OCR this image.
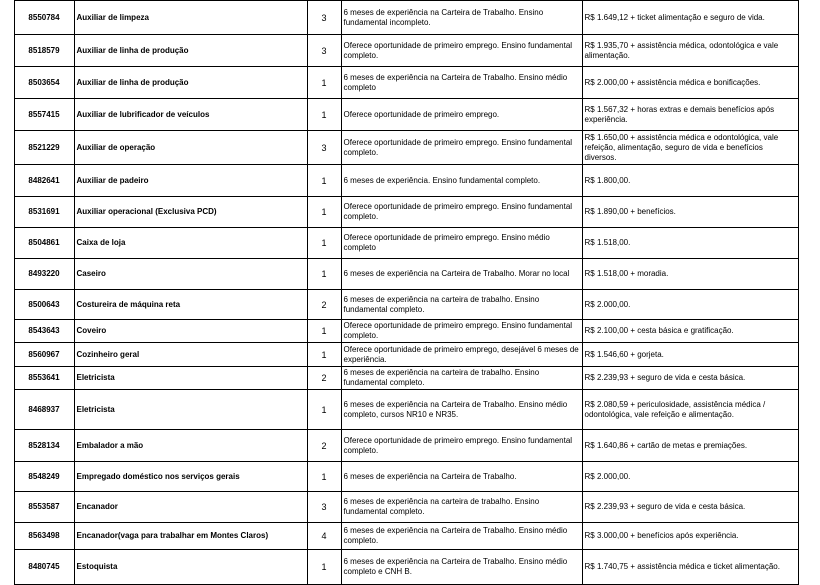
	8550784	Auxiliar de limpeza	3	6 meses de experiência na Carteira de Trabalho. Ensino fundamental incompleto.	R$ 1.649,12 + ticket alimentação e seguro de vida.
	8518579	Auxiliar de linha de produção	3	Oferece oportunidade de primeiro emprego. Ensino fundamental completo.	R$ 1.935,70 + assistência médica, odontológica e vale alimentação.
	8503654	Auxiliar de linha de produção	1	6 meses de experiência na Carteira de Trabalho. Ensino médio completo	R$ 2.000,00 + assistência médica e bonificações.
	8557415	Auxiliar de lubrificador de veículos	1	Oferece oportunidade de primeiro emprego.	R$ 1.567,32 + horas extras e demais benefícios após experiência.
	8521229	Auxiliar de operação	3	Oferece oportunidade de primeiro emprego. Ensino fundamental completo.	R$ 1.650,00 + assistência médica e odontológica, vale refeição, alimentação, seguro de vida e benefícios diversos.
	8482641	Auxiliar de padeiro	1	6 meses de experiência. Ensino fundamental completo.	R$ 1.800,00.
	8531691	Auxiliar operacional (Exclusiva PCD)	1	Oferece oportunidade de primeiro emprego. Ensino fundamental completo.	R$ 1.890,00 + benefícios.
	8504861	Caixa de loja	1	Oferece oportunidade de primeiro emprego. Ensino médio completo	R$ 1.518,00.
	8493220	Caseiro	1	6 meses de experiência na Carteira de Trabalho. Morar no local	R$ 1.518,00 + moradia.
	8500643	Costureira de máquina reta	2	6 meses de experiência na carteira de trabalho. Ensino fundamental completo.	R$ 2.000,00.
	8543643	Coveiro	1	Oferece oportunidade de primeiro emprego. Ensino fundamental completo.	R$ 2.100,00 + cesta básica e gratificação.
	8560967	Cozinheiro geral	1	Oferece oportunidade de primeiro emprego, desejável 6 meses de experiência.	R$ 1.546,60 + gorjeta.
	8553641	Eletricista	2	6 meses de experiência na carteira de trabalho. Ensino fundamental completo.	R$ 2.239,93 + seguro de vida e cesta básica.
	8468937	Eletricista	1	6 meses de experiência na Carteira de Trabalho. Ensino médio completo, cursos NR10 e NR35.	R$ 2.080,59 + periculosidade, assistência médica / odontológica, vale refeição e alimentação.
	8528134	Embalador a mão	2	Oferece oportunidade de primeiro emprego. Ensino fundamental completo.	R$ 1.640,86 + cartão de metas e premiações.
	8548249	Empregado doméstico nos serviços gerais	1	6 meses de experiência na Carteira de Trabalho.	R$ 2.000,00.
	8553587	Encanador	3	6 meses de experiência na carteira de trabalho. Ensino fundamental completo.	R$ 2.239,93 + seguro de vida e cesta básica.
	8563498	Encanador(vaga para trabalhar em Montes Claros)	4	6 meses de experiência na Carteira de Trabalho. Ensino médio completo.	R$ 3.000,00 + benefícios após experiência.
	8480745	Estoquista	1	6 meses de experiência na Carteira de Trabalho. Ensino médio completo e CNH B.	R$ 1.740,75 + assistência médica e ticket alimentação.
